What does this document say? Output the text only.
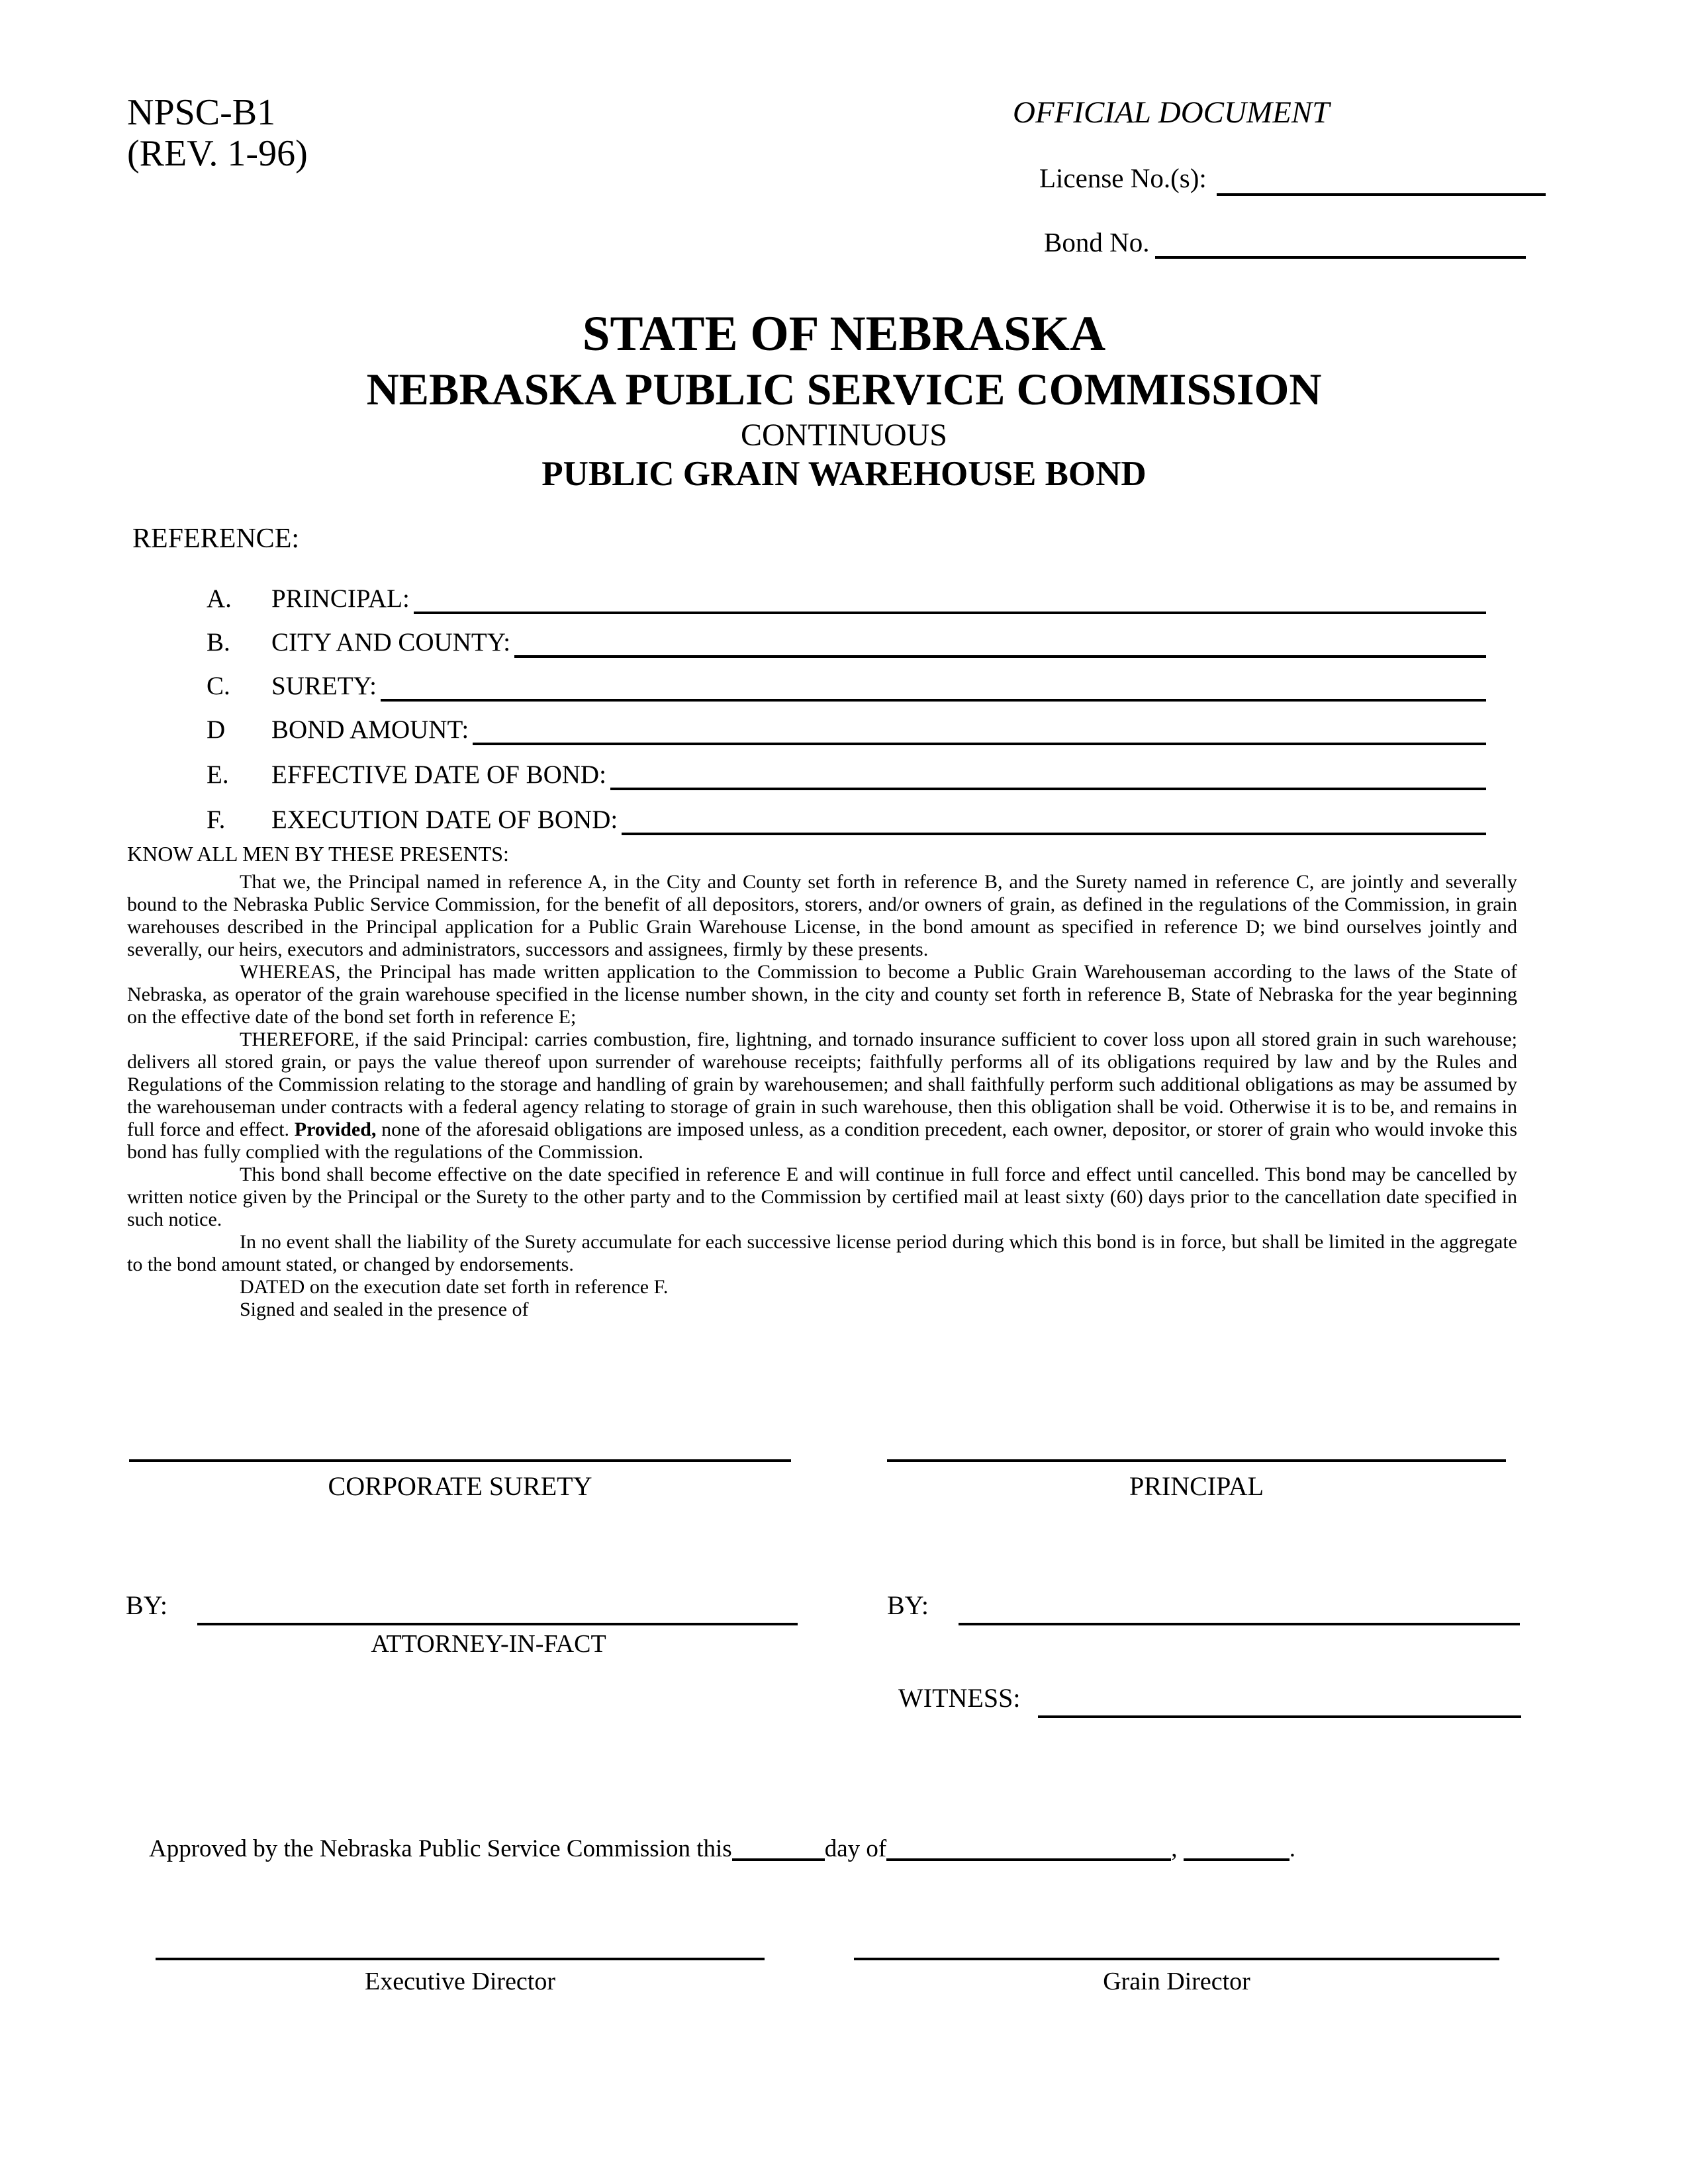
NPSC-B1
(REV. 1-96)
OFFICIAL DOCUMENT
License No.(s):
Bond No.
STATE OF NEBRASKA
NEBRASKA PUBLIC SERVICE COMMISSION
CONTINUOUS
PUBLIC GRAIN WAREHOUSE BOND
REFERENCE:
A.	PRINCIPAL:
B.	CITY AND COUNTY:
C.	SURETY:
D	BOND AMOUNT:
E.	EFFECTIVE DATE OF BOND:
F.	EXECUTION DATE OF BOND:
KNOW ALL MEN BY THESE PRESENTS:

That we, the Principal named in reference A, in the City and County set forth in reference B, and the Surety named in reference C, are jointly and severally bound to the Nebraska Public Service Commission, for the benefit of all depositors, storers, and/or owners of grain, as defined in the regulations of the Commission, in grain warehouses described in the Principal application for a Public Grain Warehouse License, in the bond amount as specified in reference D; we bind ourselves jointly and severally, our heirs, executors and administrators, successors and assignees, firmly by these presents.

WHEREAS, the Principal has made written application to the Commission to become a Public Grain Warehouseman according to the laws of the State of Nebraska, as operator of the grain warehouse specified in the license number shown, in the city and county set forth in reference B, State of Nebraska for the year beginning on the effective date of the bond set forth in reference E;

THEREFORE, if the said Principal: carries combustion, fire, lightning, and tornado insurance sufficient to cover loss upon all stored grain in such warehouse; delivers all stored grain, or pays the value thereof upon surrender of warehouse receipts; faithfully performs all of its obligations required by law and by the Rules and Regulations of the Commission relating to the storage and handling of grain by warehousemen; and shall faithfully perform such additional obligations as may be assumed by the warehouseman under contracts with a federal agency relating to storage of grain in such warehouse, then this obligation shall be void. Otherwise it is to be, and remains in full force and effect. Provided, none of the aforesaid obligations are imposed unless, as a condition precedent, each owner, depositor, or storer of grain who would invoke this bond has fully complied with the regulations of the Commission.

This bond shall become effective on the date specified in reference E and will continue in full force and effect until cancelled. This bond may be cancelled by written notice given by the Principal or the Surety to the other party and to the Commission by certified mail at least sixty (60) days prior to the cancellation date specified in such notice.

In no event shall the liability of the Surety accumulate for each successive license period during which this bond is in force, but shall be limited in the aggregate to the bond amount stated, or changed by endorsements.

DATED on the execution date set forth in reference F.

Signed and sealed in the presence of

CORPORATE SURETY	PRINCIPAL
BY:
ATTORNEY-IN-FACT
BY:
WITNESS:
Approved by the Nebraska Public Service Commission this	day of	,	.
Executive Director	Grain Director
